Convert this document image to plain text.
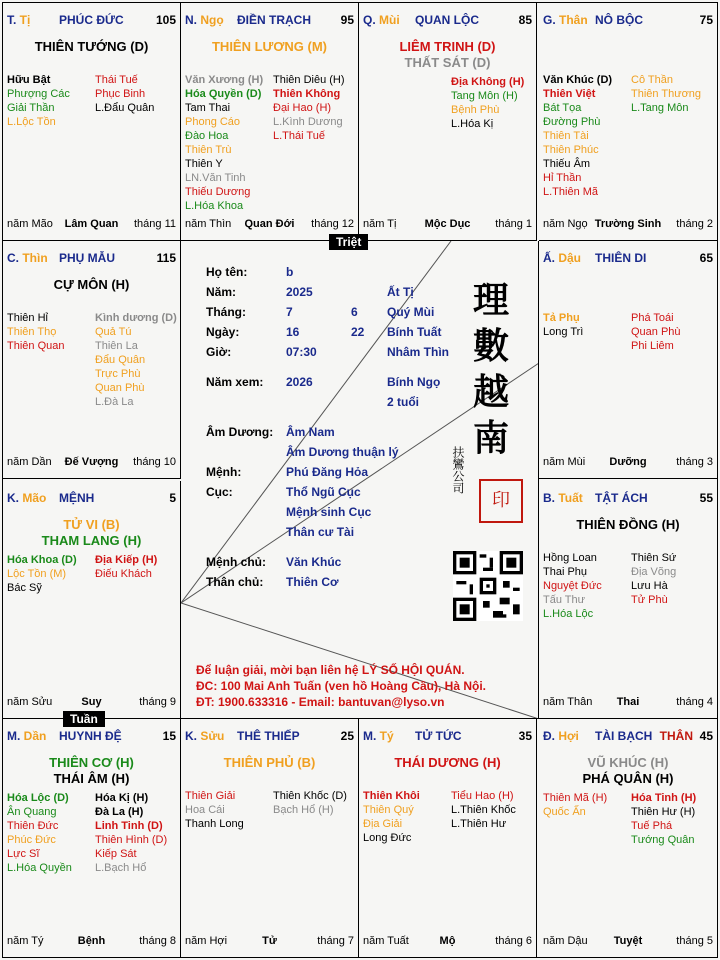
T. Tị PHÚC ĐỨC	105
THIÊN TƯỚNG (D)
Hữu Bật
Phượng Các
Giải Thần
L.Lộc Tồn
Thái Tuế
Phục Binh
L.Đẩu Quân
năm Mão	Lâm Quan	tháng 11
N. Ngọ ĐIỀN TRẠCH 95
THIÊN LƯƠNG (M)
Văn Xương (H)
Hóa Quyền (D)
Tam Thai
Phong Cáo
Đào Hoa
Thiên Trù
Thiên Y
LN.Văn Tinh
Thiếu Dương
L.Hóa Khoa
Thiên Diêu (H)
Thiên Không
Đại Hao (H)
L.Kình Dương
L.Thái Tuế
năm Thìn	Quan Đới	tháng 12
Q. Mùi QUAN LỘC	85
LIÊM TRINH (D)
THẤT SÁT (D)
Địa Không (H)
Tang Môn (H)
Bệnh Phù
L.Hóa Kị
năm Tị	Mộc Dục	tháng 1
G. Thân NÔ BỘC	75
Văn Khúc (D)
Thiên Việt
Bát Tọa
Đường Phù
Thiên Tài
Thiên Phúc
Thiếu Âm
Hỉ Thần
L.Thiên Mã
Cô Thần
Thiên Thương
L.Tang Môn
năm Ngọ Trường Sinh	tháng 2
C. Thìn PHỤ MẪU	115
CỰ MÔN (H)
Thiên Hỉ
Thiên Thọ
Thiên Quan
Kình dương (D)
Quả Tú
Thiên La
Đẩu Quân
Trực Phù
Quan Phù
L.Đà La
năm Dần	Đế Vượng	tháng 10
Ấ. Dậu THIÊN DI	65
Tả Phụ
Long Trì
Phá Toái
Quan Phù
Phi Liêm
năm Mùi	Dưỡng	tháng 3
K. Mão MỆNH	5
TỬ VI (B)
THAM LANG (H)
Hóa Khoa (D)
Lộc Tồn (M)
Bác Sỹ
Địa Kiếp (H)
Điếu Khách
năm Sửu	Suy	tháng 9
B. Tuất TẬT ÁCH	55
THIÊN ĐỒNG (H)
Hồng Loan
Thai Phụ
Nguyệt Đức
Tấu Thư
L.Hóa Lộc
Thiên Sứ
Địa Võng
Lưu Hà
Tử Phù
năm Thân	Thai	tháng 4
M. Dần HUYNH ĐỆ	15
THIÊN CƠ (H)
THÁI ÂM (H)
Hóa Lộc (D)
Ân Quang
Thiên Đức
Phúc Đức
Lực Sĩ
L.Hóa Quyền
Hóa Kị (H)
Đà La (H)
Linh Tinh (D)
Thiên Hình (D)
Kiếp Sát
L.Bạch Hổ
năm Tý	Bệnh	tháng 8
K. Sửu THÊ THIẾP	25
THIÊN PHỦ (B)
Thiên Giải
Hoa Cái
Thanh Long
Thiên Khốc (D)
Bạch Hổ (H)
năm Hợi	Tử	tháng 7
M. Tý TỬ TỨC	35
THÁI DƯƠNG (H)
Thiên Khôi
Thiên Quý
Địa Giải
Long Đức
Tiểu Hao (H)
L.Thiên Khốc
L.Thiên Hư
năm Tuất	Mộ	tháng 6
Đ. Hợi TÀI BẠCH THÂN 45
VŨ KHÚC (H)
PHÁ QUÂN (H)
Thiên Mã (H)
Quốc Ấn
Hóa Tinh (H)
Thiên Hư (H)
Tuế Phá
Tướng Quân
năm Dậu	Tuyệt	tháng 5
Họ tên:	b
Năm:	2025	Ất Tị
Tháng:	7	6 Quý Mùi
Ngày:	16	22 Bính Tuất
Giờ:	07:30	Nhâm Thìn
Năm xem: 2026	Bính Ngọ
2 tuổi
Âm Dương: Âm Nam
Âm Dương thuận lý
Mệnh:	Phú Đăng Hỏa
Cục:	Thổ Ngũ Cục
Mệnh sinh Cục
Thân cư Tài
Mệnh chủ: Văn Khúc
Thân chủ: Thiên Cơ
理
數
越
南
扶鸞公司
印
Để luận giải, mời bạn liên hệ LÝ SỐ HỘI QUÁN.
ĐC: 100 Mai Anh Tuấn (ven hồ Hoàng Cầu), Hà Nội.
ĐT: 1900.633316 - Email: bantuvan@lyso.vn
Triệt
Tuần
